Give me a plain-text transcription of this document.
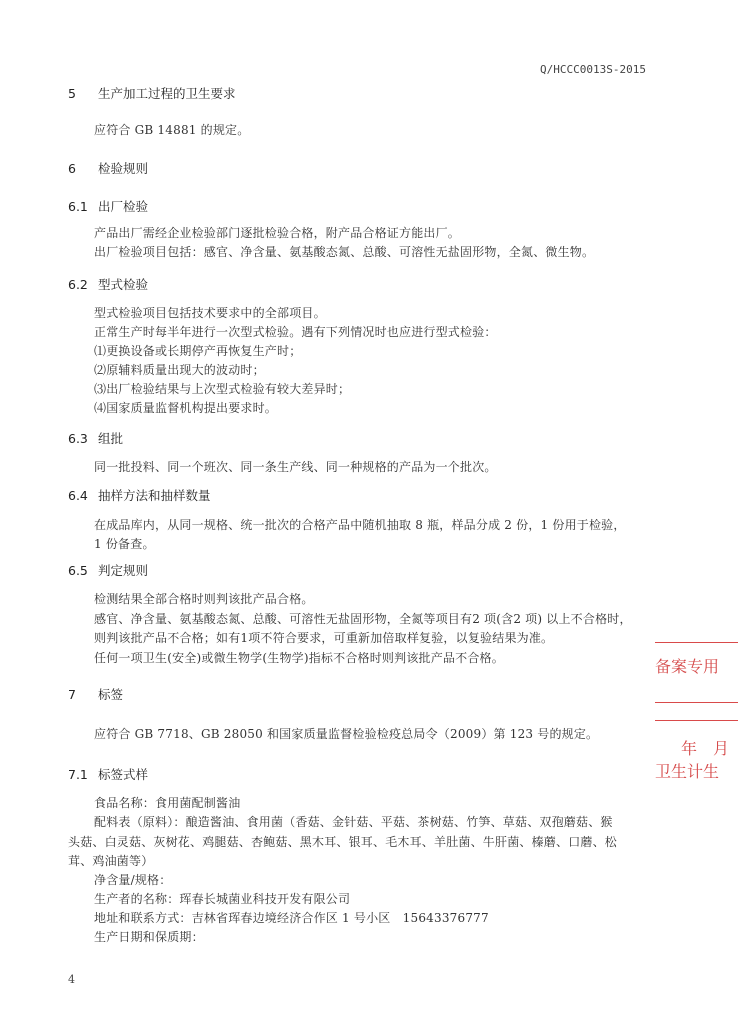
Q/HCCC0013S-2015
5 生产加工过程的卫生要求
应符合 GB 14881 的规定。
6 检验规则
6.1 出厂检验
产品出厂需经企业检验部门逐批检验合格，附产品合格证方能出厂。
出厂检验项目包括：感官、净含量、氨基酸态氮、总酸、可溶性无盐固形物，全氮、微生物。
6.2 型式检验
型式检验项目包括技术要求中的全部项目。
正常生产时每半年进行一次型式检验。遇有下列情况时也应进行型式检验：
⑴更换设备或长期停产再恢复生产时；
⑵原辅料质量出现大的波动时；
⑶出厂检验结果与上次型式检验有较大差异时；
⑷国家质量监督机构提出要求时。
6.3 组批
同一批投料、同一个班次、同一条生产线、同一种规格的产品为一个批次。
6.4 抽样方法和抽样数量
在成品库内，从同一规格、统一批次的合格产品中随机抽取 8 瓶，样品分成 2 份，1 份用于检验，
1 份备查。
6.5 判定规则
检测结果全部合格时则判该批产品合格。
感官、净含量、氨基酸态氮、总酸、可溶性无盐固形物，全氮等项目有2 项(含2 项) 以上不合格时，
则判该批产品不合格；如有1项不符合要求，可重新加倍取样复验，以复验结果为准。
任何一项卫生(安全)或微生物学(生物学)指标不合格时则判该批产品不合格。
7 标签
应符合 GB 7718、GB 28050 和国家质量监督检验检疫总局令（2009）第 123 号的规定。
7.1 标签式样
食品名称：食用菌配制酱油
配料表（原料）：酿造酱油、食用菌（香菇、金针菇、平菇、茶树菇、竹笋、草菇、双孢蘑菇、猴
头菇、白灵菇、灰树花、鸡腿菇、杏鲍菇、黑木耳、银耳、毛木耳、羊肚菌、牛肝菌、榛蘑、口蘑、松
茸、鸡油菌等）
净含量/规格：
生产者的名称：珲春长城菌业科技开发有限公司
地址和联系方式：吉林省珲春边境经济合作区 1 号小区　15643376777
生产日期和保质期：
4
备案专用
年　月
卫生计生
